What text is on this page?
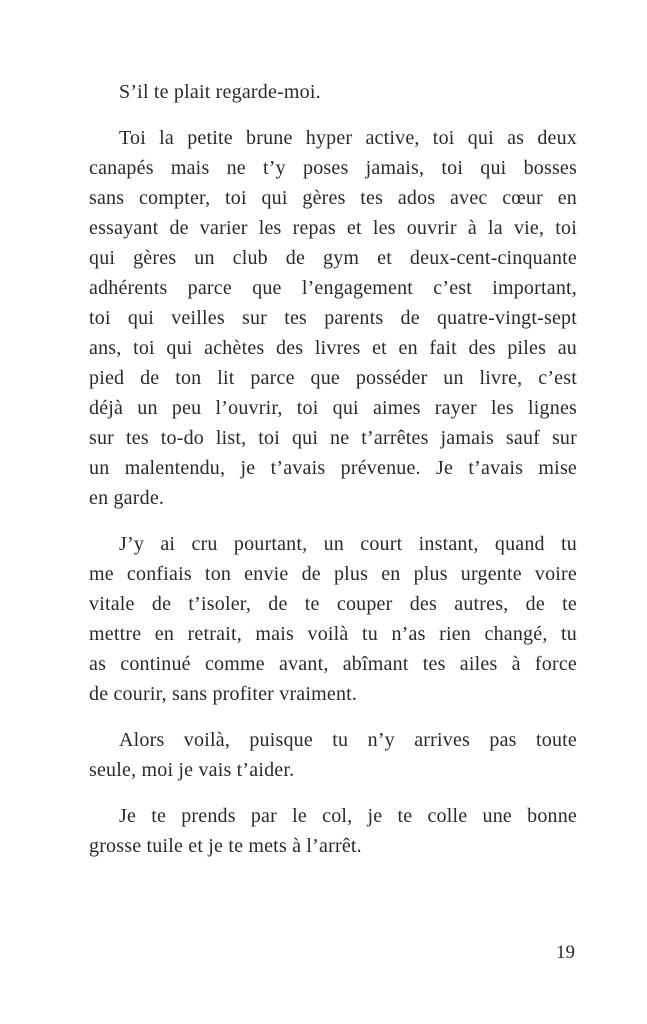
S’il te plait regarde-moi.

Toi la petite brune hyper active, toi qui as deux
canapés mais ne t’y poses jamais, toi qui bosses
sans compter, toi qui gères tes ados avec cœur en
essayant de varier les repas et les ouvrir à la vie, toi
qui gères un club de gym et deux-cent-cinquante
adhérents parce que l’engagement c’est important,
toi qui veilles sur tes parents de quatre-vingt-sept
ans, toi qui achètes des livres et en fait des piles au
pied de ton lit parce que posséder un livre, c’est
déjà un peu l’ouvrir, toi qui aimes rayer les lignes
sur tes to-do list, toi qui ne t’arrêtes jamais sauf sur
un malentendu, je t’avais prévenue. Je t’avais mise
en garde.

J’y ai cru pourtant, un court instant, quand tu
me confiais ton envie de plus en plus urgente voire
vitale de t’isoler, de te couper des autres, de te
mettre en retrait, mais voilà tu n’as rien changé, tu
as continué comme avant, abîmant tes ailes à force
de courir, sans profiter vraiment.

Alors voilà, puisque tu n’y arrives pas toute
seule, moi je vais t’aider.

Je te prends par le col, je te colle une bonne
grosse tuile et je te mets à l’arrêt.

19
